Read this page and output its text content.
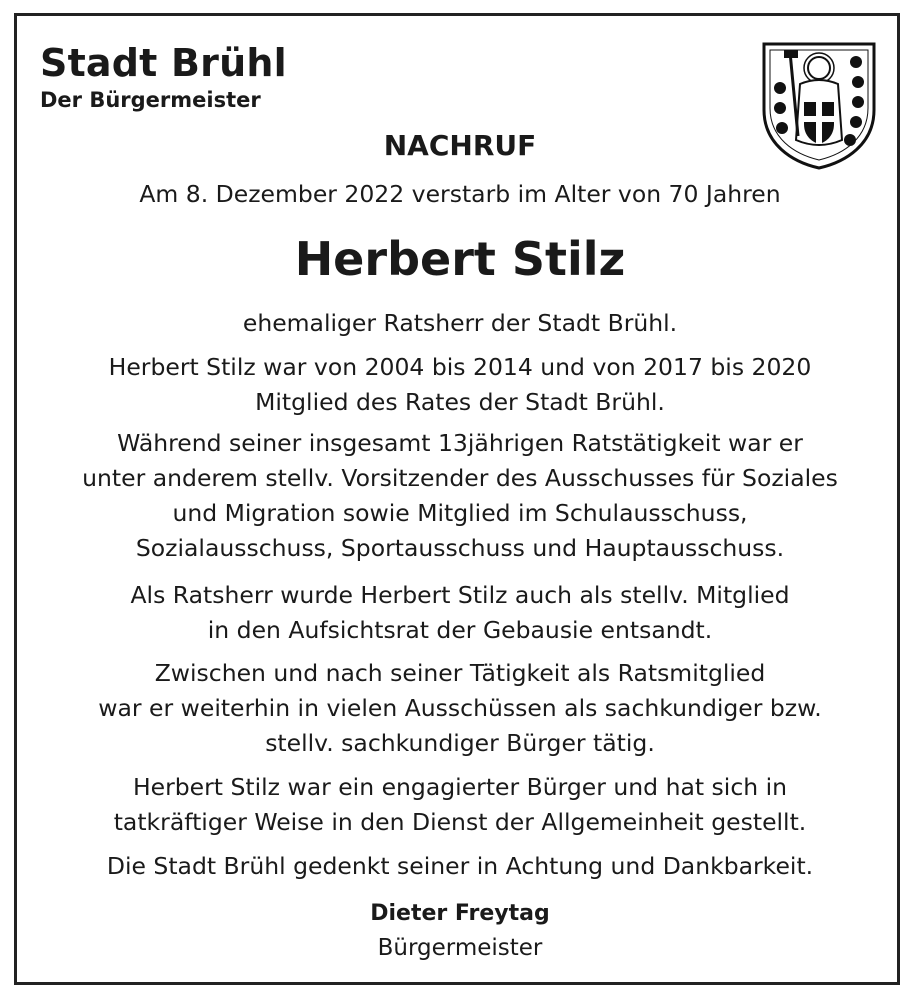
Stadt Brühl
Der Bürgermeister
NACHRUF
Am 8. Dezember 2022 verstarb im Alter von 70 Jahren
Herbert Stilz
ehemaliger Ratsherr der Stadt Brühl.
Herbert Stilz war von 2004 bis 2014 und von 2017 bis 2020
Mitglied des Rates der Stadt Brühl.
Während seiner insgesamt 13jährigen Ratstätigkeit war er
unter anderem stellv. Vorsitzender des Ausschusses für Soziales
und Migration sowie Mitglied im Schulausschuss,
Sozialausschuss, Sportausschuss und Hauptausschuss.
Als Ratsherr wurde Herbert Stilz auch als stellv. Mitglied
in den Aufsichtsrat der Gebausie entsandt.
Zwischen und nach seiner Tätigkeit als Ratsmitglied
war er weiterhin in vielen Ausschüssen als sachkundiger bzw.
stellv. sachkundiger Bürger tätig.
Herbert Stilz war ein engagierter Bürger und hat sich in
tatkräftiger Weise in den Dienst der Allgemeinheit gestellt.
Die Stadt Brühl gedenkt seiner in Achtung und Dankbarkeit.
Dieter Freytag
Bürgermeister
